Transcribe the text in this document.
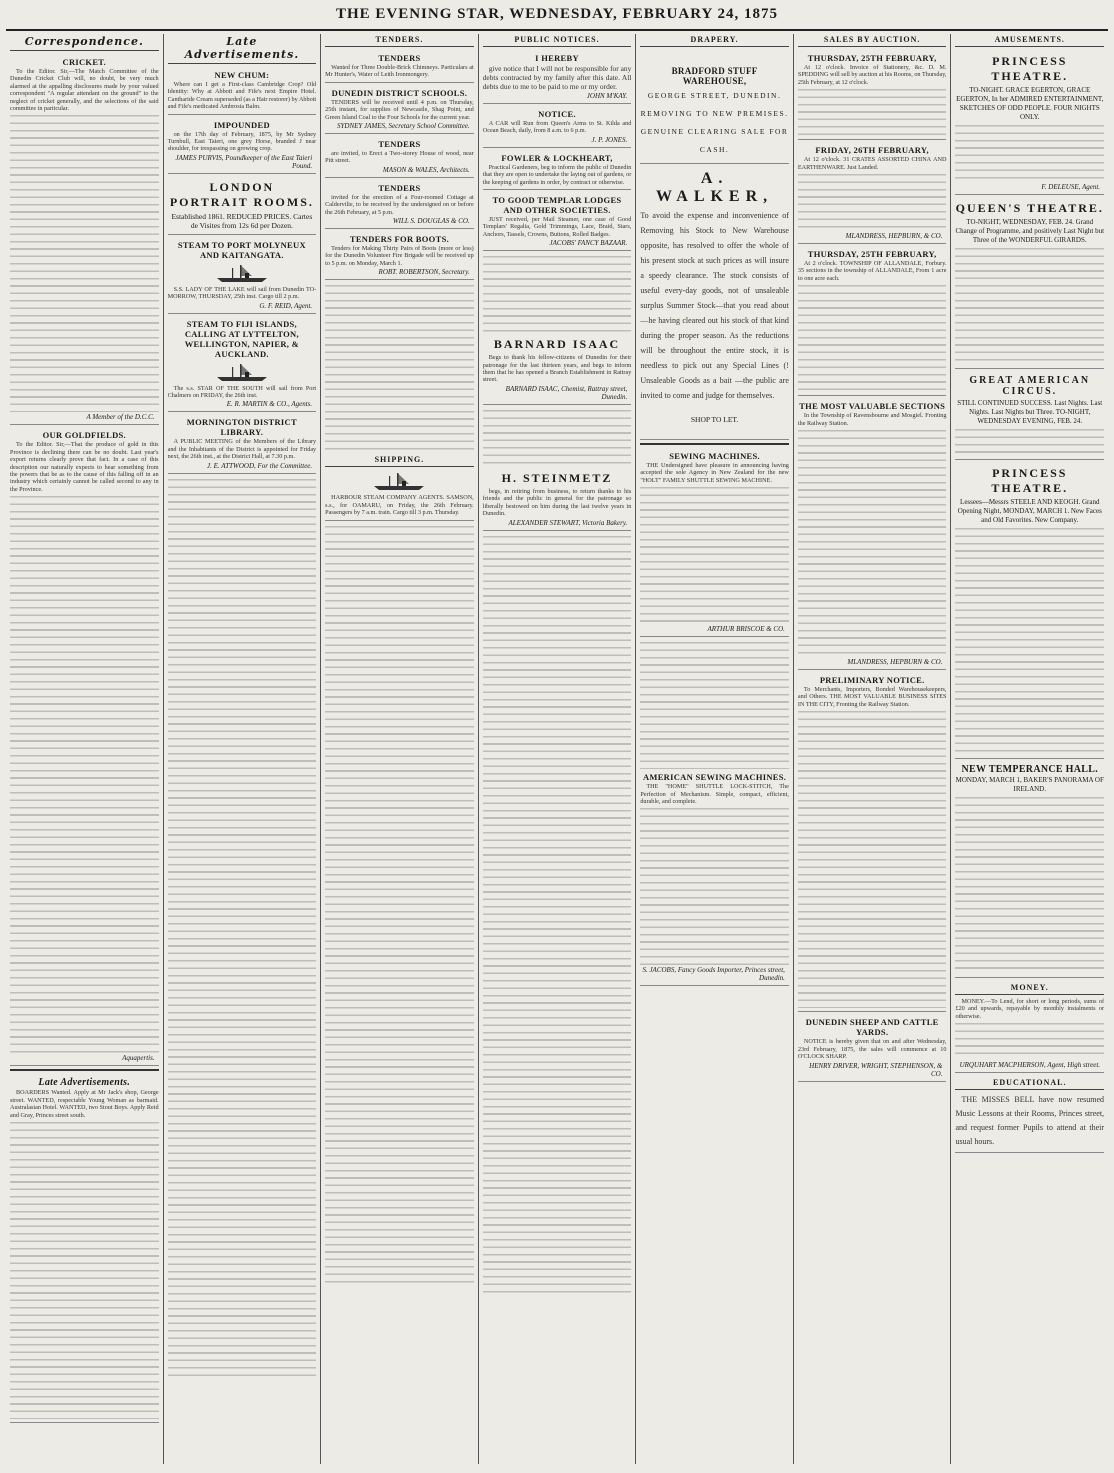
THE EVENING STAR, WEDNESDAY, FEBRUARY 24, 1875
Correspondence.
CRICKET.
To the Editor. Sir,—The Match Committee of the Dunedin Cricket Club will, no doubt, be very much alarmed at the appalling disclosures made by your valued correspondent "A regular attendant on the ground" to the neglect of cricket generally, and the selections of the said committee in particular.
A Member of the D.C.C.
OUR GOLDFIELDS.
To the Editor. Sir,—That the produce of gold in this Province is declining there can be no doubt. Last year's export returns clearly prove that fact. In a case of this description our naturally expects to hear something from the powers that be as to the cause of this falling off in an industry which certainly cannot be called second to any in the Province.
Aquapertis.
Late Advertisements.
BOARDERS Wanted. Apply at Mr Jack's shop, George street. WANTED, respectable Young Woman as barmaid. Australasian Hotel. WANTED, two Stout Boys. Apply Reid and Gray, Princes street south.
Late Advertisements.
NEW CHUM:
Where can I get a First-class Cambridge Crop? Old Identity: Why at Abbott and Fife's next Empire Hotel. Cantharide Cream superseded (as a Hair restorer) by Abbott and Fife's medicated Ambrosia Balm.
IMPOUNDED
on the 17th day of February, 1875, by Mr Sydney Turnbull, East Taieri, one grey Horse, branded J near shoulder, for trespassing on growing crop.
JAMES PURVIS, Poundkeeper of the East Taieri Pound.
LONDON PORTRAIT ROOMS.
Established 1861. REDUCED PRICES. Cartes de Visites from 12s 6d per Dozen.
STEAM TO PORT MOLYNEUX AND KAITANGATA.
S.S. LADY OF THE LAKE will sail from Dunedin TO-MORROW, THURSDAY, 25th inst. Cargo till 2 p.m.
G. F. REID, Agent.
STEAM TO FIJI ISLANDS, CALLING AT LYTTELTON, WELLINGTON, NAPIER, & AUCKLAND.
The s.s. STAR OF THE SOUTH will sail from Port Chalmers on FRIDAY, the 26th inst.
E. R. MARTIN & CO., Agents.
MORNINGTON DISTRICT LIBRARY.
A PUBLIC MEETING of the Members of the Library and the Inhabitants of the District is appointed for Friday next, the 26th inst., at the District Hall, at 7.30 p.m.
J. E. ATTWOOD, For the Committee.
TENDERS.
TENDERS
Wanted for Three Double-Brick Chimneys. Particulars at Mr Hunter's, Water of Leith Ironmongery.
DUNEDIN DISTRICT SCHOOLS.
TENDERS will be received until 4 p.m. on Thursday, 25th instant, for supplies of Newcastle, Shag Point, and Green Island Coal to the Four Schools for the current year.
SYDNEY JAMES, Secretary School Committee.
TENDERS
are invited, to Erect a Two-storey House of wood, near Pitt street.
MASON & WALES, Architects.
TENDERS
invited for the erection of a Four-roomed Cottage at Caldervilie, to be received by the undersigned on or before the 26th February, at 5 p.m.
WILL S. DOUGLAS & CO.
TENDERS FOR BOOTS.
Tenders for Making Thirty Pairs of Boots (more or less) for the Dunedin Volunteer Fire Brigade will be received up to 5 p.m. on Monday, March 1.
ROBT. ROBERTSON, Secretary.
SHIPPING.
HARBOUR STEAM COMPANY AGENTS. SAMSON, s.s., for OAMARU, on Friday, the 26th February. Passengers by 7 a.m. train. Cargo till 3 p.m. Thursday.
PUBLIC NOTICES.
I HEREBY
give notice that I will not be responsible for any debts contracted by my family after this date. All debts due to me to be paid to me or my order.
JOHN M'KAY.
NOTICE.
A CAR will Run from Queen's Arms to St. Kilda and Ocean Beach, daily, from 8 a.m. to 6 p.m.
J. P. JONES.
FOWLER & LOCKHEART,
Practical Gardeners, beg to inform the public of Dunedin that they are open to undertake the laying out of gardens, or the keeping of gardens in order, by contract or otherwise.
TO GOOD TEMPLAR LODGES AND OTHER SOCIETIES.
JUST received, per Mail Steamer, one case of Good Templars' Regalia, Gold Trimmings, Lace, Braid, Stars, Anchors, Tassels, Crowns, Buttons, Rolled Badges.
JACOBS' FANCY BAZAAR.
BARNARD ISAAC
Begs to thank his fellow-citizens of Dunedin for their patronage for the last thirteen years, and begs to inform them that he has opened a Branch Establishment in Rattray street.
BARNARD ISAAC, Chemist, Rattray street, Dunedin.
H. STEINMETZ
begs, in retiring from business, to return thanks to his friends and the public in general for the patronage so liberally bestowed on him during the last twelve years in Dunedin.
ALEXANDER STEWART, Victoria Bakery.
DRAPERY.
BRADFORD STUFF WAREHOUSE,
GEORGE STREET, DUNEDIN. REMOVING TO NEW PREMISES. GENUINE CLEARING SALE FOR CASH.
A. WALKER,
To avoid the expense and inconvenience of Removing his Stock to New Warehouse opposite, has resolved to offer the whole of his present stock at such prices as will insure a speedy clearance. The stock consists of useful every-day goods, not of unsaleable surplus Summer Stock—that you read about—he having cleared out his stock of that kind during the proper season. As the reductions will be throughout the entire stock, it is needless to pick out any Special Lines (! Unsaleable Goods as a bait —the public are invited to come and judge for themselves.
SHOP TO LET.
SEWING MACHINES.
THE Undersigned have pleasure in announcing having accepted the sole Agency in New Zealand for the new "HOLT" FAMILY SHUTTLE SEWING MACHINE.
ARTHUR BRISCOE & CO.
AMERICAN SEWING MACHINES.
THE "HOME" SHUTTLE LOCK-STITCH, The Perfection of Mechanism. Simple, compact, efficient, durable, and complete.
S. JACOBS, Fancy Goods Importer, Princes street, Dunedin.
SALES BY AUCTION.
THURSDAY, 25TH FEBRUARY,
At 12 o'clock. Invoice of Stationery, &c. D. M. SPEDDING will sell by auction at his Rooms, on Thursday, 25th February, at 12 o'clock.
FRIDAY, 26TH FEBRUARY,
At 12 o'clock. 31 CRATES ASSORTED CHINA AND EARTHENWARE. Just Landed.
MLANDRESS, HEPBURN, & CO.
THURSDAY, 25TH FEBRUARY,
At 2 o'clock. TOWNSHIP OF ALLANDALE, Forbury. 35 sections in the township of ALLANDALE, From 1 acre to one acre each.
THE MOST VALUABLE SECTIONS
In the Township of Ravensbourne and Mosgiel. Fronting the Railway Station.
MLANDRESS, HEPBURN & CO.
PRELIMINARY NOTICE.
To Merchants, Importers, Bonded Warehousekeepers, and Others. THE MOST VALUABLE BUSINESS SITES IN THE CITY, Fronting the Railway Station.
DUNEDIN SHEEP AND CATTLE YARDS.
NOTICE is hereby given that on and after Wednesday, 23rd February, 1875, the sales will commence at 10 O'CLOCK SHARP.
HENRY DRIVER, WRIGHT, STEPHENSON, & CO.
AMUSEMENTS.
PRINCESS THEATRE.
TO-NIGHT. GRACE EGERTON, GRACE EGERTON, In her ADMIRED ENTERTAINMENT, SKETCHES OF ODD PEOPLE. FOUR NIGHTS ONLY.
F. DELEUSE, Agent.
QUEEN'S THEATRE.
TO-NIGHT, WEDNESDAY, FEB. 24. Grand Change of Programme, and positively Last Night but Three of the WONDERFUL GIRARDS.
GREAT AMERICAN CIRCUS.
STILL CONTINUED SUCCESS. Last Nights. Last Nights. Last Nights but Three. TO-NIGHT, WEDNESDAY EVENING, FEB. 24.
PRINCESS THEATRE.
Lessees—Messrs STEELE AND KEOGH. Grand Opening Night, MONDAY, MARCH 1. New Faces and Old Favorites. New Company.
NEW TEMPERANCE HALL.
MONDAY, MARCH 1, BAKER'S PANORAMA OF IRELAND.
MONEY.
MONEY.—To Lend, for short or long periods, sums of £20 and upwards, repayable by monthly instalments or otherwise.
URQUHART MACPHERSON, Agent, High street.
EDUCATIONAL.
THE MISSES BELL have now resumed Music Lessons at their Rooms, Princes street, and request former Pupils to attend at their usual hours.
